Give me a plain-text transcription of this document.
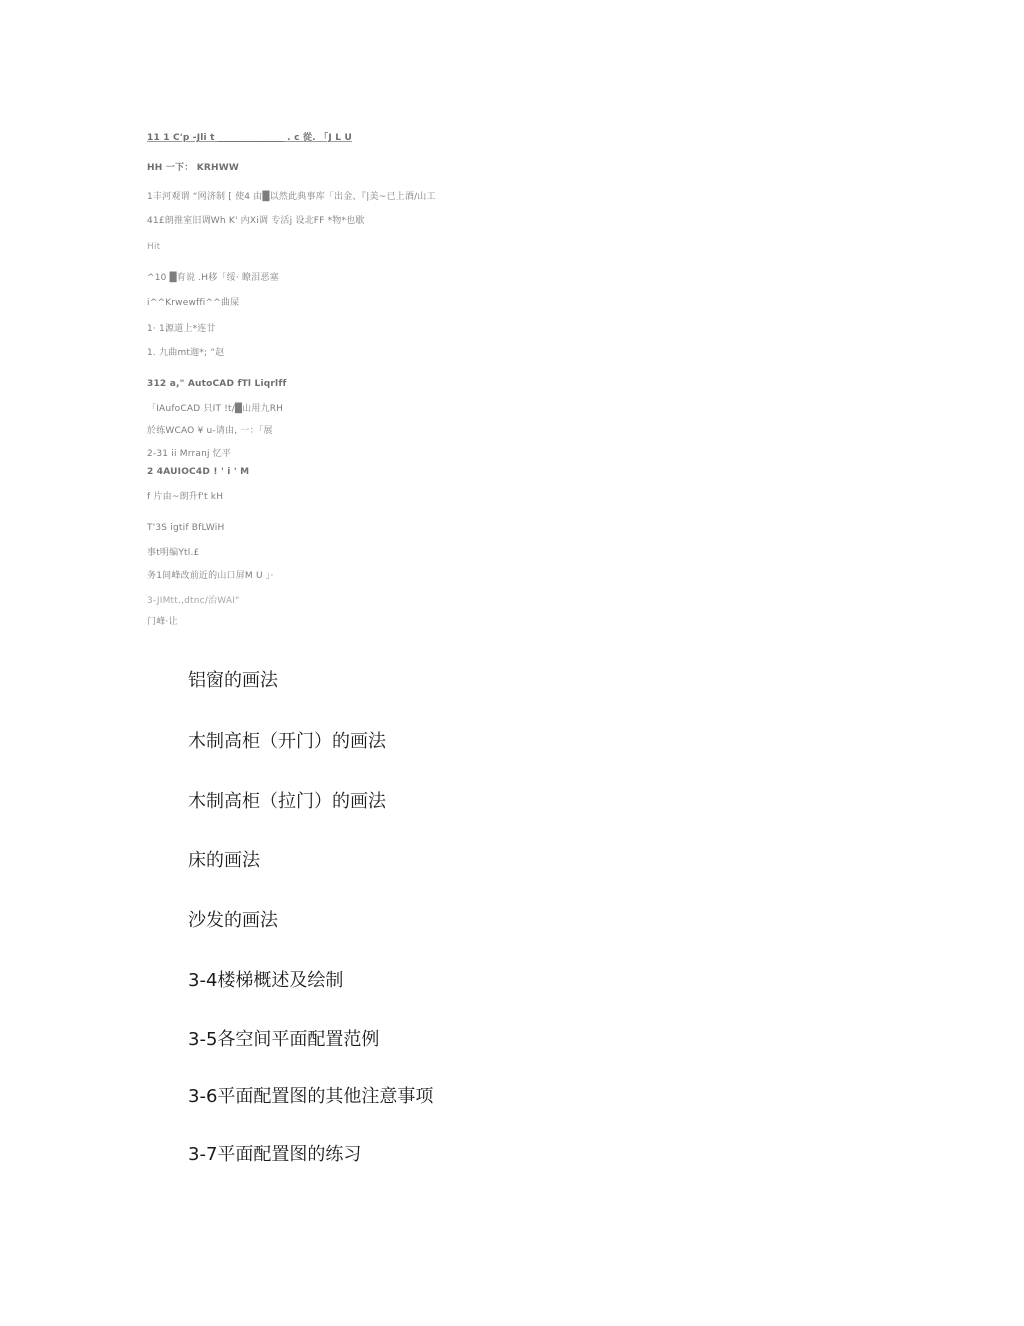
11 1 C'p -Jli t ______________ . c 從. 「J L U
HH 一下： KRHWW
1丰河观谓 “网济制 [ 使4 由█以然此典事库「出金、『|美~已上酒/山工
41£朗推室旧调Wh K' 内Xi调 专活j 设北FF *物*也歇
Hit
^10 █育说 .H移「绥· 瞭泪恶塞
i^^Krwewffi^^曲屎
1· 1源道上*连廿
1. 九曲mt迦*; “赵
312 a," AutoCAD fTl Liqrlff
「IAufoCAD 只IT !t/█山用九RH
於练WCAO ¥ u-请由, 一：「展
2-31 ii Mrranj 忆平
2 4AUIOC4D ! ' i ' M
f 片由~朗升f't kH
T'3S igtif BfLWiH
事t明编Ytl.£
务1间峰改前近的山口屏M U 」·
3-JIMtt.,dtnc/治WAI"
门峰·让
铝窗的画法
木制高柜（开门）的画法
木制高柜（拉门）的画法
床的画法
沙发的画法
3-4楼梯概述及绘制
3-5各空间平面配置范例
3-6平面配置图的其他注意事项
3-7平面配置图的练习
